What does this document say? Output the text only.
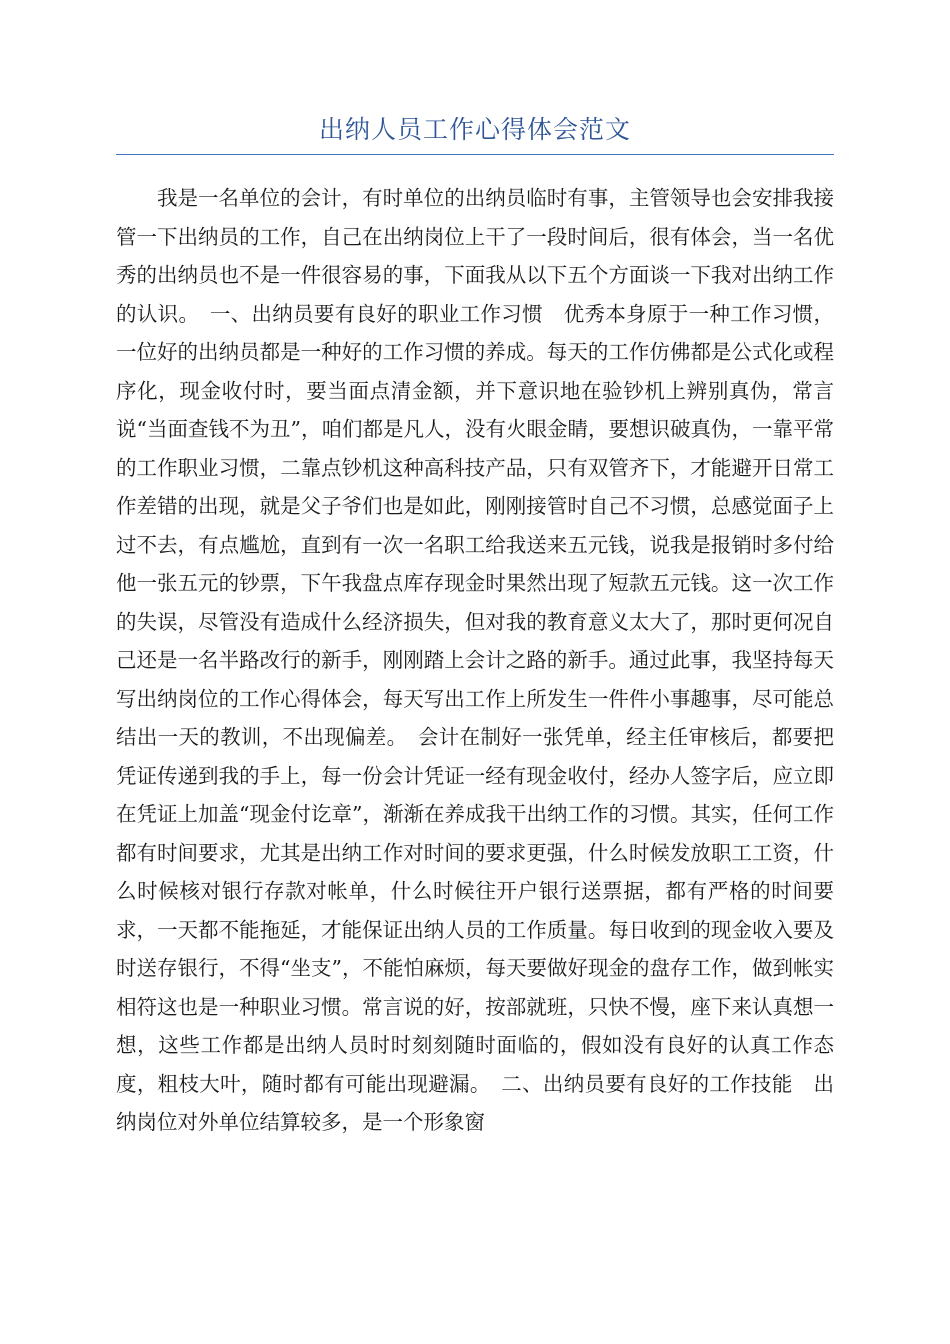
出纳人员工作心得体会范文

我是一名单位的会计，有时单位的出纳员临时有事，主管领导也会安排我接管一下出纳员的工作，自己在出纳岗位上干了一段时间后，很有体会，当一名优秀的出纳员也不是一件很容易的事，下面我从以下五个方面谈一下我对出纳工作的认识。　一、出纳员要有良好的职业工作习惯　优秀本身原于一种工作习惯，一位好的出纳员都是一种好的工作习惯的养成。每天的工作仿佛都是公式化或程序化，现金收付时，要当面点清金额，并下意识地在验钞机上辨别真伪，常言说“当面查钱不为丑”，咱们都是凡人，没有火眼金睛，要想识破真伪，一靠平常的工作职业习惯，二靠点钞机这种高科技产品，只有双管齐下，才能避开日常工作差错的出现，就是父子爷们也是如此，刚刚接管时自己不习惯，总感觉面子上过不去，有点尴尬，直到有一次一名职工给我送来五元钱，说我是报销时多付给他一张五元的钞票，下午我盘点库存现金时果然出现了短款五元钱。这一次工作的失误，尽管没有造成什么经济损失，但对我的教育意义太大了，那时更何况自己还是一名半路改行的新手，刚刚踏上会计之路的新手。通过此事，我坚持每天写出纳岗位的工作心得体会，每天写出工作上所发生一件件小事趣事，尽可能总结出一天的教训，不出现偏差。　会计在制好一张凭单，经主任审核后，都要把凭证传递到我的手上，每一份会计凭证一经有现金收付，经办人签字后，应立即在凭证上加盖“现金付讫章”，渐渐在养成我干出纳工作的习惯。其实，任何工作都有时间要求，尤其是出纳工作对时间的要求更强，什么时候发放职工工资，什么时候核对银行存款对帐单，什么时候往开户银行送票据，都有严格的时间要求，一天都不能拖延，才能保证出纳人员的工作质量。每日收到的现金收入要及时送存银行，不得“坐支”，不能怕麻烦，每天要做好现金的盘存工作，做到帐实相符这也是一种职业习惯。常言说的好，按部就班，只快不慢，座下来认真想一想，这些工作都是出纳人员时时刻刻随时面临的，假如没有良好的认真工作态度，粗枝大叶，随时都有可能出现避漏。　二、出纳员要有良好的工作技能　出纳岗位对外单位结算较多，是一个形象窗
